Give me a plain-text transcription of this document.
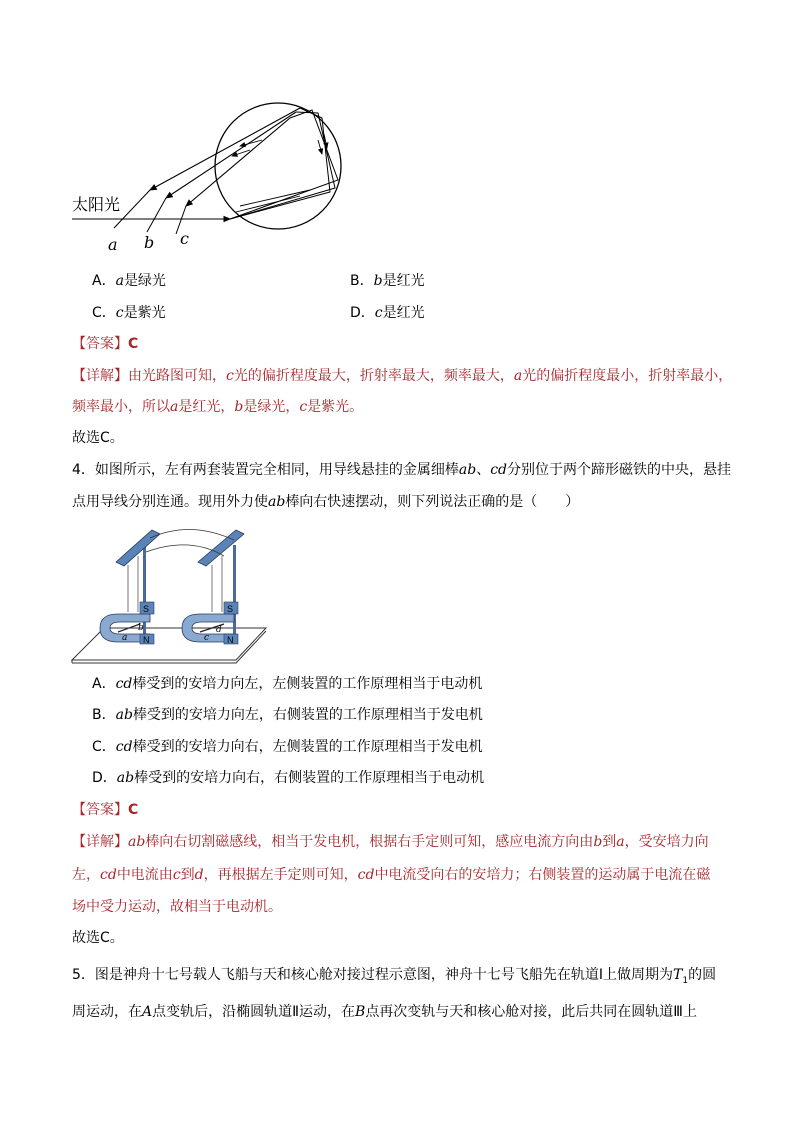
太阳光
a b c
A．a是绿光	B．b是红光
C．c是紫光	D．c是红光
【答案】C
【详解】由光路图可知，c光的偏折程度最大，折射率最大，频率最大，a光的偏折程度最小，折射率最小，
频率最小，所以a是红光，b是绿光，c是紫光。
故选C。
4．如图所示，左有两套装置完全相同，用导线悬挂的金属细棒ab、cd分别位于两个蹄形磁铁的中央，悬挂
点用导线分别连通。现用外力使ab棒向右快速摆动，则下列说法正确的是（　　）
S
N
a
b
S
N
c
d
A．cd棒受到的安培力向左，左侧装置的工作原理相当于电动机
B．ab棒受到的安培力向左，右侧装置的工作原理相当于发电机
C．cd棒受到的安培力向右，左侧装置的工作原理相当于发电机
D．ab棒受到的安培力向右，右侧装置的工作原理相当于电动机
【答案】C
【详解】ab棒向右切割磁感线，相当于发电机，根据右手定则可知，感应电流方向由b到a，受安培力向
左，cd中电流由c到d，再根据左手定则可知，cd中电流受向右的安培力；右侧装置的运动属于电流在磁
场中受力运动，故相当于电动机。
故选C。
5．图是神舟十七号载人飞船与天和核心舱对接过程示意图，神舟十七号飞船先在轨道Ⅰ上做周期为$T_1$的圆
周运动，在A点变轨后，沿椭圆轨道Ⅱ运动，在B点再次变轨与天和核心舱对接，此后共同在圆轨道Ⅲ上
